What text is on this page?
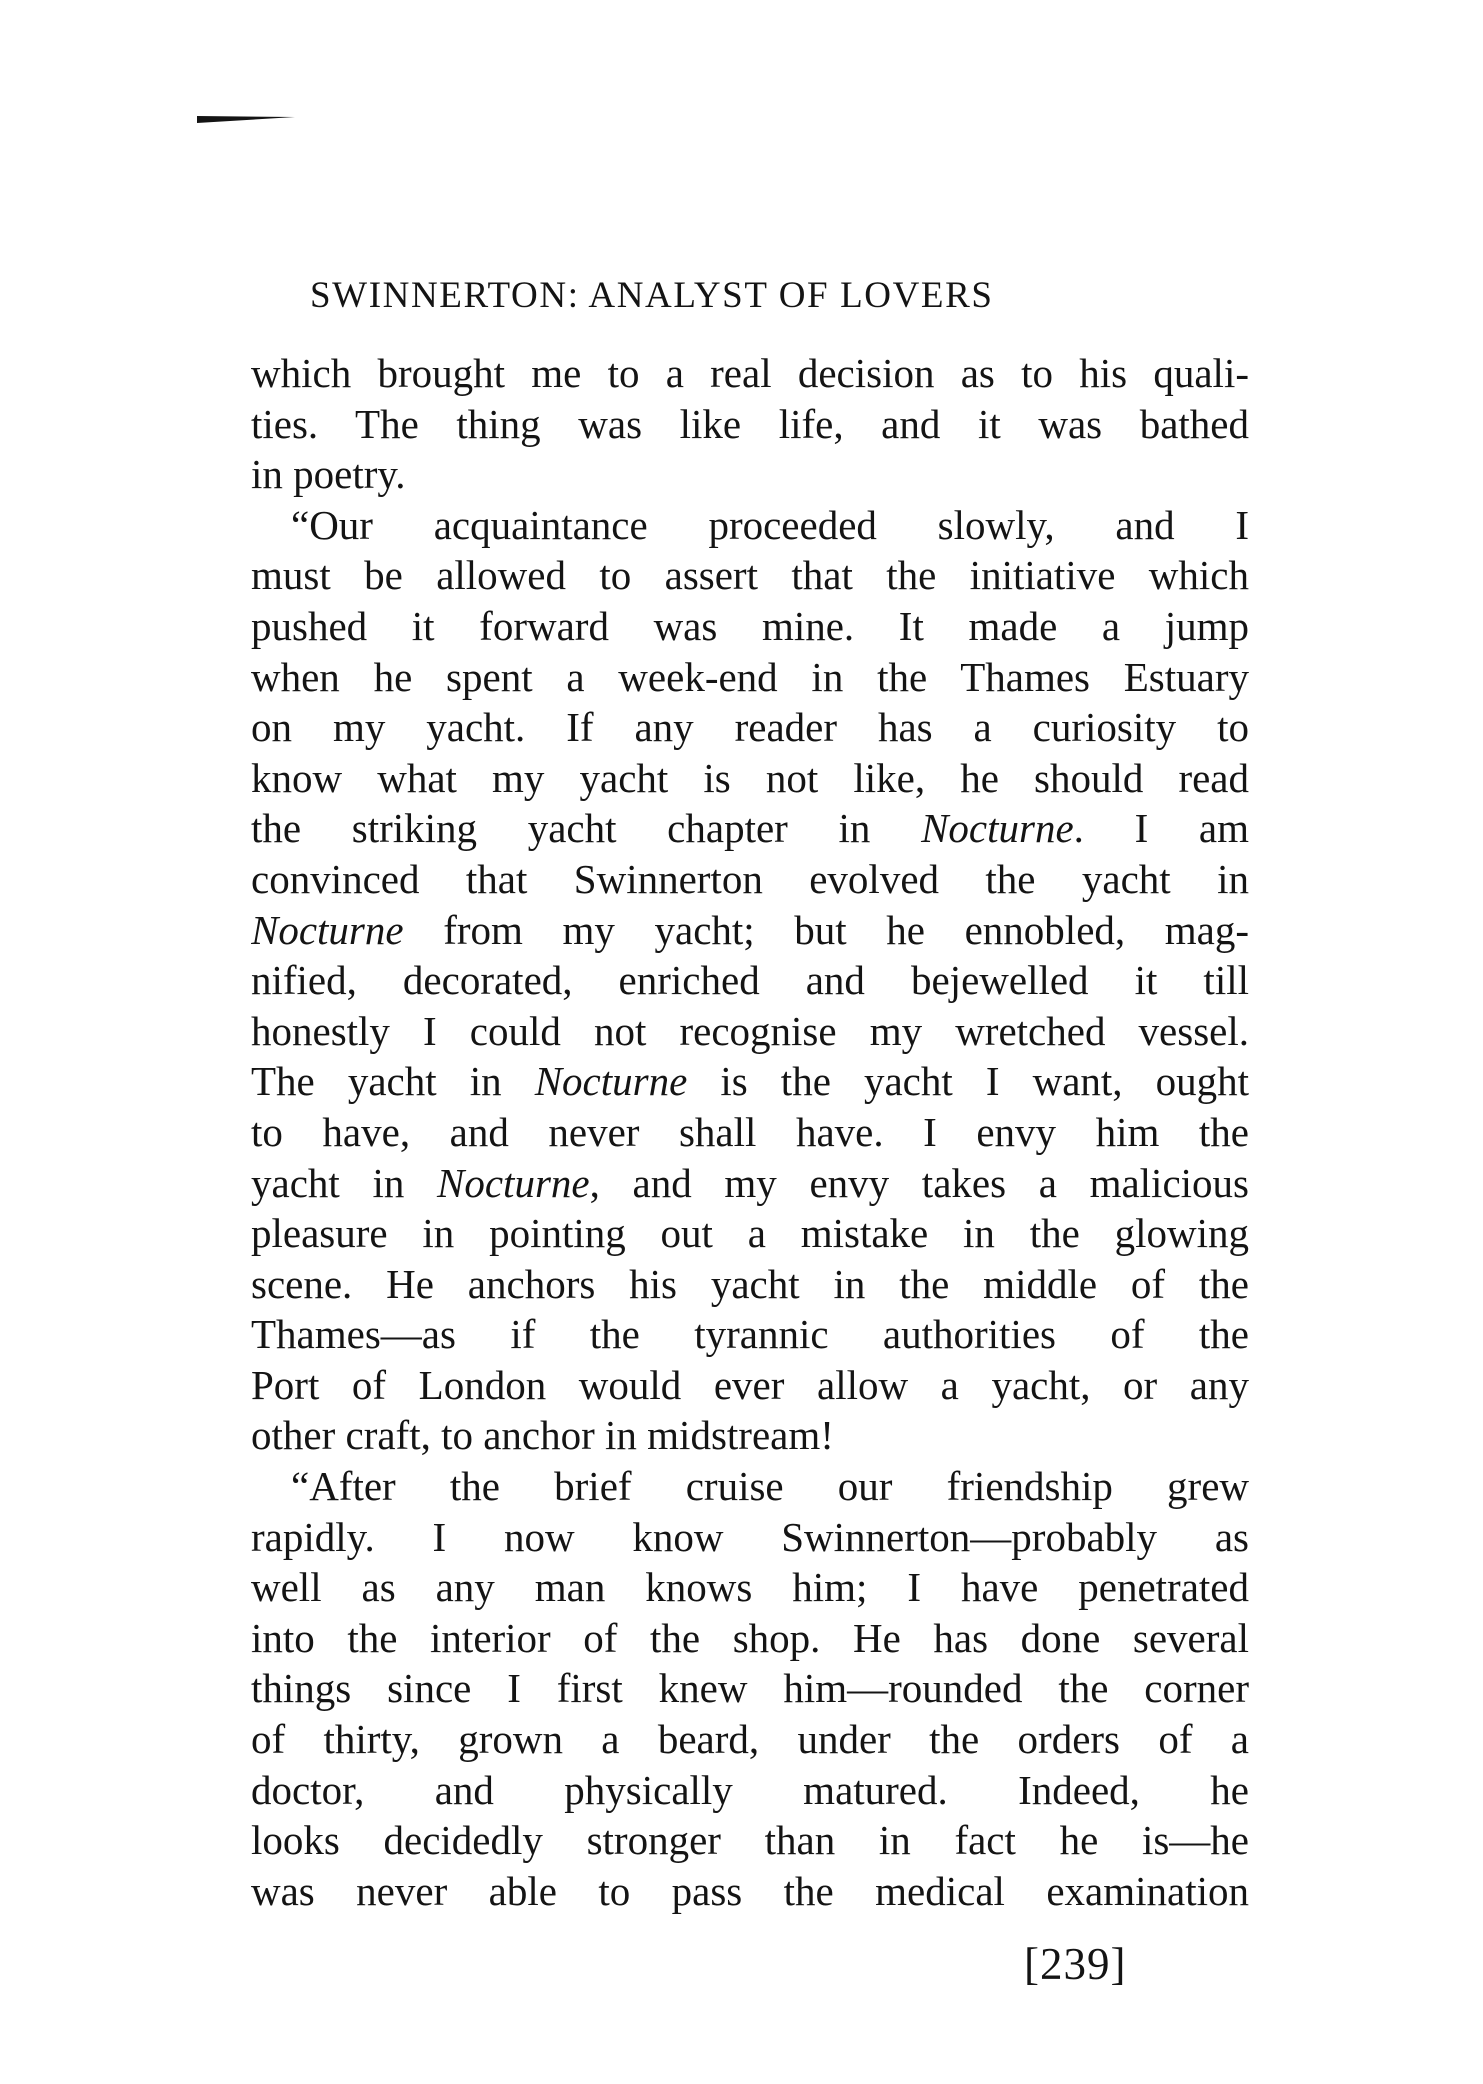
SWINNERTON: ANALYST OF LOVERS
which brought me to a real decision as to his quali-
ties. The thing was like life, and it was bathed
in poetry.
“Our acquaintance proceeded slowly, and I
must be allowed to assert that the initiative which
pushed it forward was mine. It made a jump
when he spent a week-end in the Thames Estuary
on my yacht. If any reader has a curiosity to
know what my yacht is not like, he should read
the striking yacht chapter in Nocturne. I am
convinced that Swinnerton evolved the yacht in
Nocturne from my yacht; but he ennobled, mag-
nified, decorated, enriched and bejewelled it till
honestly I could not recognise my wretched vessel.
The yacht in Nocturne is the yacht I want, ought
to have, and never shall have. I envy him the
yacht in Nocturne, and my envy takes a malicious
pleasure in pointing out a mistake in the glowing
scene. He anchors his yacht in the middle of the
Thames—as if the tyrannic authorities of the
Port of London would ever allow a yacht, or any
other craft, to anchor in midstream!
“After the brief cruise our friendship grew
rapidly. I now know Swinnerton—probably as
well as any man knows him; I have penetrated
into the interior of the shop. He has done several
things since I first knew him—rounded the corner
of thirty, grown a beard, under the orders of a
doctor, and physically matured. Indeed, he
looks decidedly stronger than in fact he is—he
was never able to pass the medical examination
[239]
